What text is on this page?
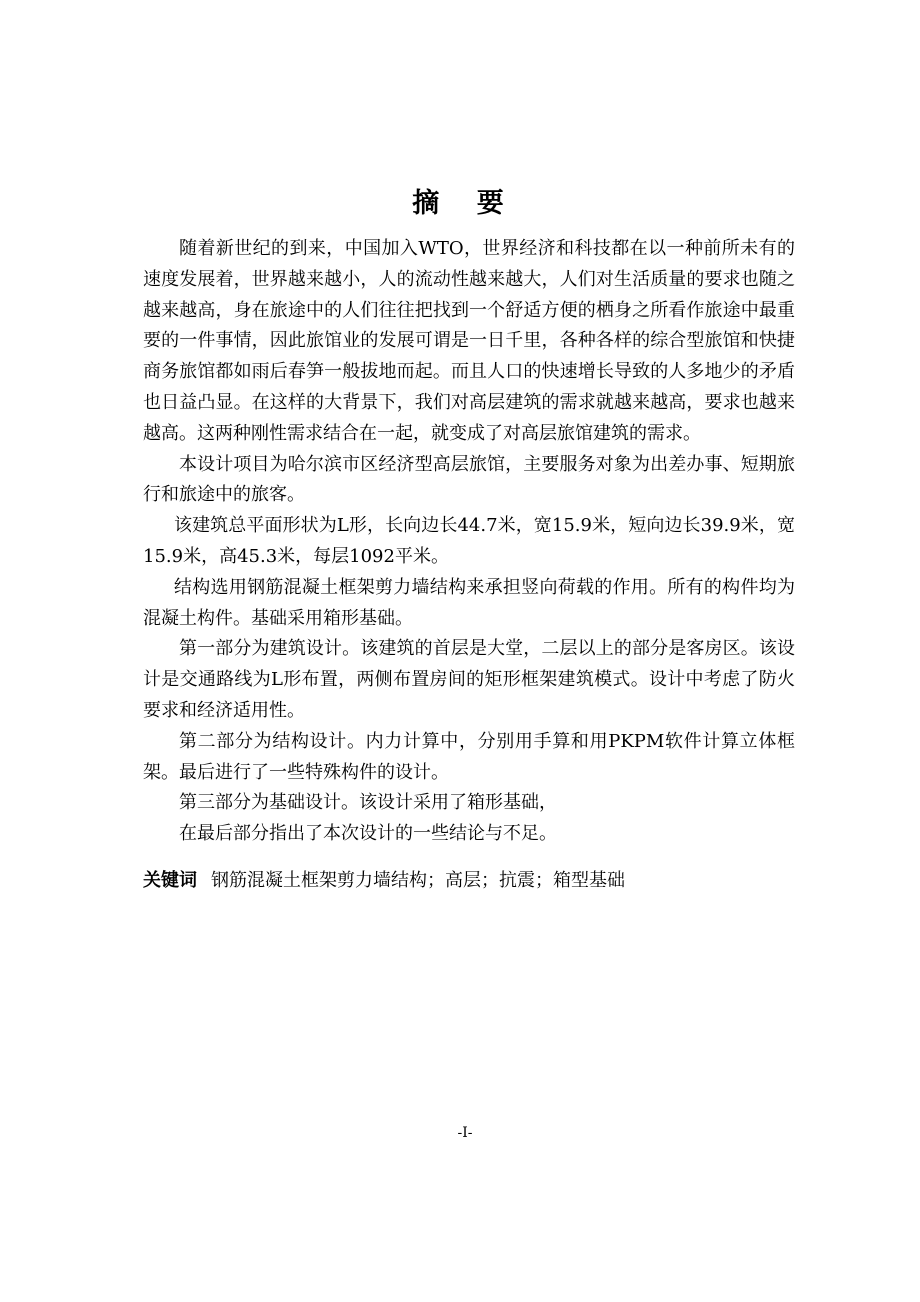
摘 要

随着新世纪的到来，中国加入WTO，世界经济和科技都在以一种前所未有的速度发展着，世界越来越小，人的流动性越来越大，人们对生活质量的要求也随之越来越高，身在旅途中的人们往往把找到一个舒适方便的栖身之所看作旅途中最重要的一件事情，因此旅馆业的发展可谓是一日千里，各种各样的综合型旅馆和快捷商务旅馆都如雨后春笋一般拔地而起。而且人口的快速增长导致的人多地少的矛盾也日益凸显。在这样的大背景下，我们对高层建筑的需求就越来越高，要求也越来越高。这两种刚性需求结合在一起，就变成了对高层旅馆建筑的需求。

本设计项目为哈尔滨市区经济型高层旅馆，主要服务对象为出差办事、短期旅行和旅途中的旅客。

该建筑总平面形状为L形，长向边长44.7米，宽15.9米，短向边长39.9米，宽15.9米，高45.3米，每层1092平米。

结构选用钢筋混凝土框架剪力墙结构来承担竖向荷载的作用。所有的构件均为混凝土构件。基础采用箱形基础。

第一部分为建筑设计。该建筑的首层是大堂，二层以上的部分是客房区。该设计是交通路线为L形布置，两侧布置房间的矩形框架建筑模式。设计中考虑了防火要求和经济适用性。

第二部分为结构设计。内力计算中，分别用手算和用PKPM软件计算立体框架。最后进行了一些特殊构件的设计。

第三部分为基础设计。该设计采用了箱形基础，

在最后部分指出了本次设计的一些结论与不足。

关键词 钢筋混凝土框架剪力墙结构；高层；抗震；箱型基础
-I-
